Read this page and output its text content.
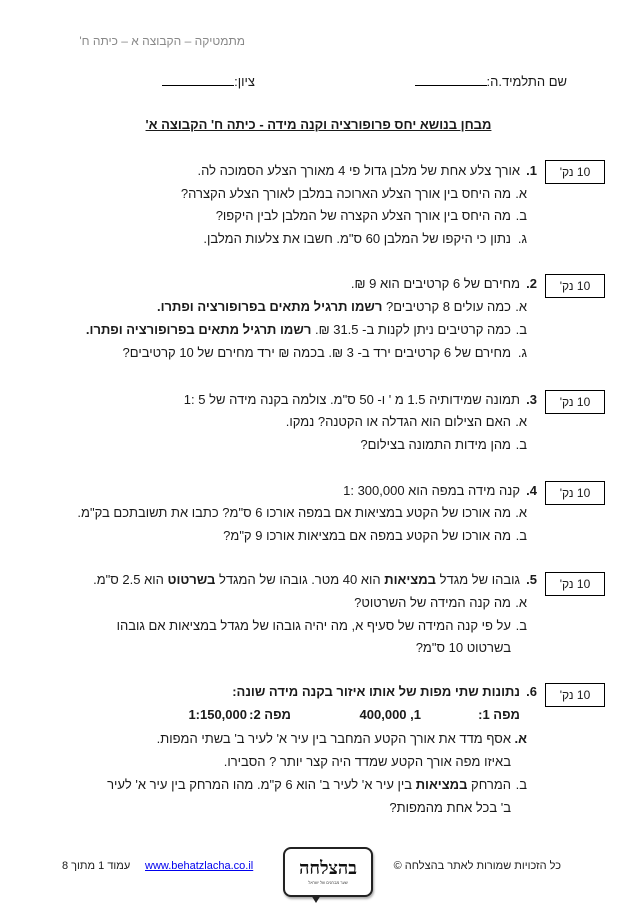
מתמטיקה – הקבוצה א – כיתה ח'
שם התלמיד.ה:
ציון:
מבחן בנושא יחס פרופורציה וקנה מידה - כיתה ח' הקבוצה א'
10 נק'
1.
אורך צלע אחת של מלבן גדול פי 4 מאורך הצלע הסמוכה לה.
א.מה היחס בין אורך הצלע הארוכה במלבן לאורך הצלע הקצרה?
ב.מה היחס בין אורך הצלע הקצרה של המלבן לבין היקפו?
ג.נתון כי היקפו של המלבן 60 ס"מ. חשבו את צלעות המלבן.
10 נק'
2.
מחירם של 6 קרטיבים הוא 9 ₪.
א.כמה עולים 8 קרטיבים? רשמו תרגיל מתאים בפרופורציה ופתרו.
ב.כמה קרטיבים ניתן לקנות ב- 31.5 ₪. רשמו תרגיל מתאים בפרופורציה ופתרו.
ג.מחירם של 6 קרטיבים ירד ב- 3 ₪. בכמה ₪ ירד מחירם של 10 קרטיבים?
10 נק'
3.
תמונה שמידותיה 1.5 מ ' ו- 50 ס"מ. צולמה בקנה מידה של 5 :1
א.האם הצילום הוא הגדלה או הקטנה? נמקו.
ב.מהן מידות התמונה בצילום?
10 נק'
4.
קנה מידה במפה הוא 300,000 :1
א.מה אורכו של הקטע במציאות אם במפה אורכו 6 ס"מ? כתבו את תשובתכם בק"מ.
ב.מה אורכו של הקטע במפה אם במציאות אורכו 9 ק"מ?
10 נק'
5.
גובהו של מגדל במציאות הוא 40 מטר. גובהו של המגדל בשרטוט הוא 2.5 ס"מ.
א.מה קנה המידה של השרטוט?
ב.על פי קנה המידה של סעיף א, מה יהיה גובהו של מגדל במציאות אם גובהו
בשרטוט 10 ס"מ?
10 נק'
6.
נתונות שתי מפות של אותו איזור בקנה מידה שונה:
מפה 1:
1, 400,000
מפה 2:
1:150,000
א.אסף מדד את אורך הקטע המחבר בין עיר א' לעיר ב' בשתי המפות.
באיזו מפה אורך הקטע שמדד היה קצר יותר ? הסבירו.
ב.המרחק במציאות בין עיר א' לעיר ב' הוא 6 ק"מ. מהו המרחק בין עיר א' לעיר
ב' בכל אחת מהמפות?
כל הזכויות שמורות לאתר בהצלחה ©
בהצלחה
שער מבחנים של ישראל
www.behatzlacha.co.il
עמוד 1 מתוך 8
